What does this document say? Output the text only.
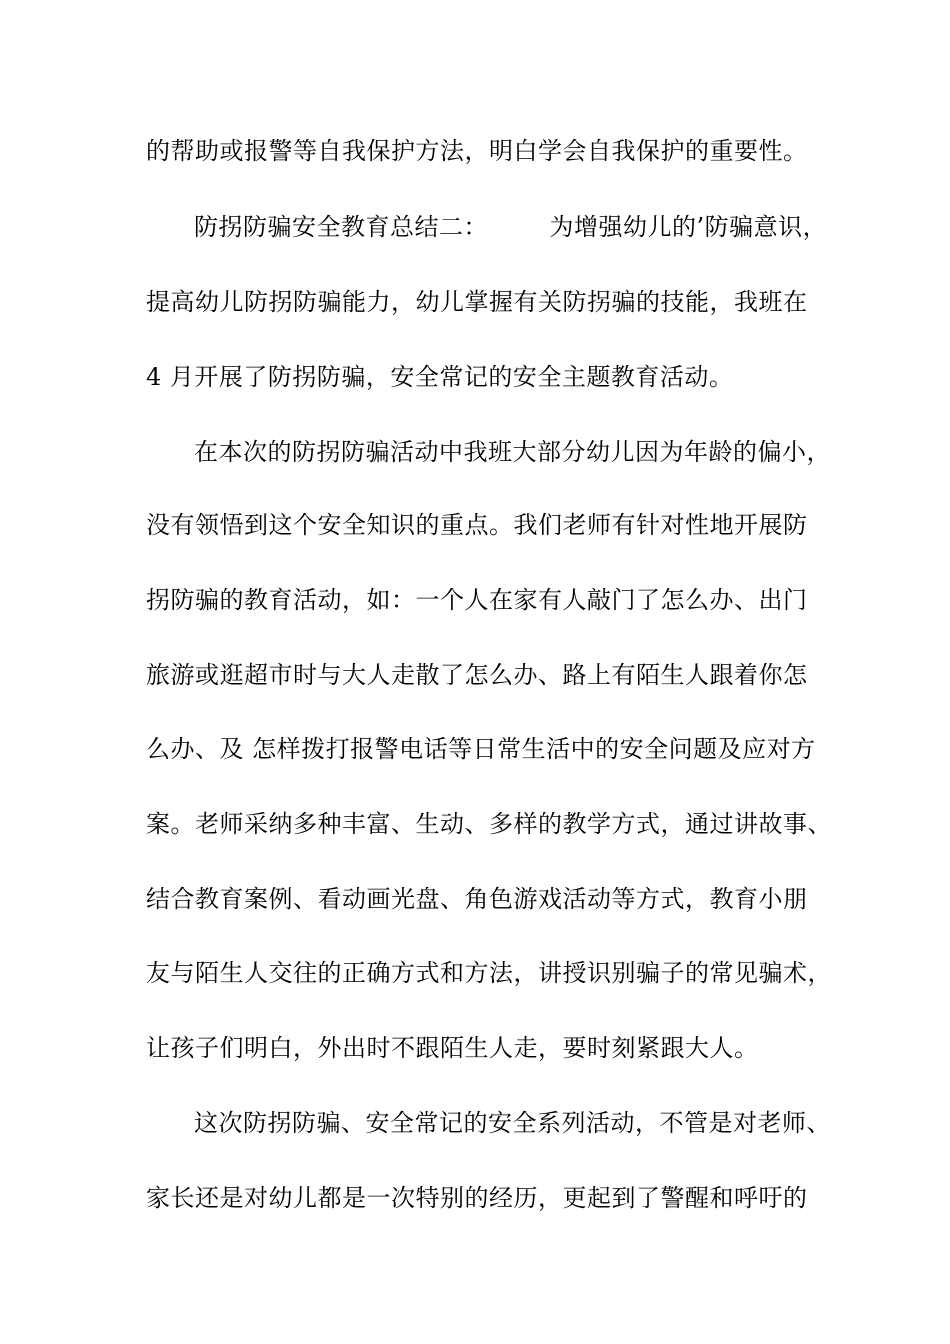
的帮助或报警等自我保护方法，明白学会自我保护的重要性。
防拐防骗安全教育总结二：　　　为增强幼儿的’防骗意识，
提高幼儿防拐防骗能力，幼儿掌握有关防拐骗的技能，我班在
4 月开展了防拐防骗，安全常记的安全主题教育活动。
在本次的防拐防骗活动中我班大部分幼儿因为年龄的偏小，
没有领悟到这个安全知识的重点。我们老师有针对性地开展防
拐防骗的教育活动，如：一个人在家有人敲门了怎么办、出门
旅游或逛超市时与大人走散了怎么办、路上有陌生人跟着你怎
么办、及 怎样拨打报警电话等日常生活中的安全问题及应对方
案。老师采纳多种丰富、生动、多样的教学方式，通过讲故事、
结合教育案例、看动画光盘、角色游戏活动等方式，教育小朋
友与陌生人交往的正确方式和方法，讲授识别骗子的常见骗术，
让孩子们明白，外出时不跟陌生人走，要时刻紧跟大人。
这次防拐防骗、安全常记的安全系列活动，不管是对老师、
家长还是对幼儿都是一次特别的经历，更起到了警醒和呼吁的
